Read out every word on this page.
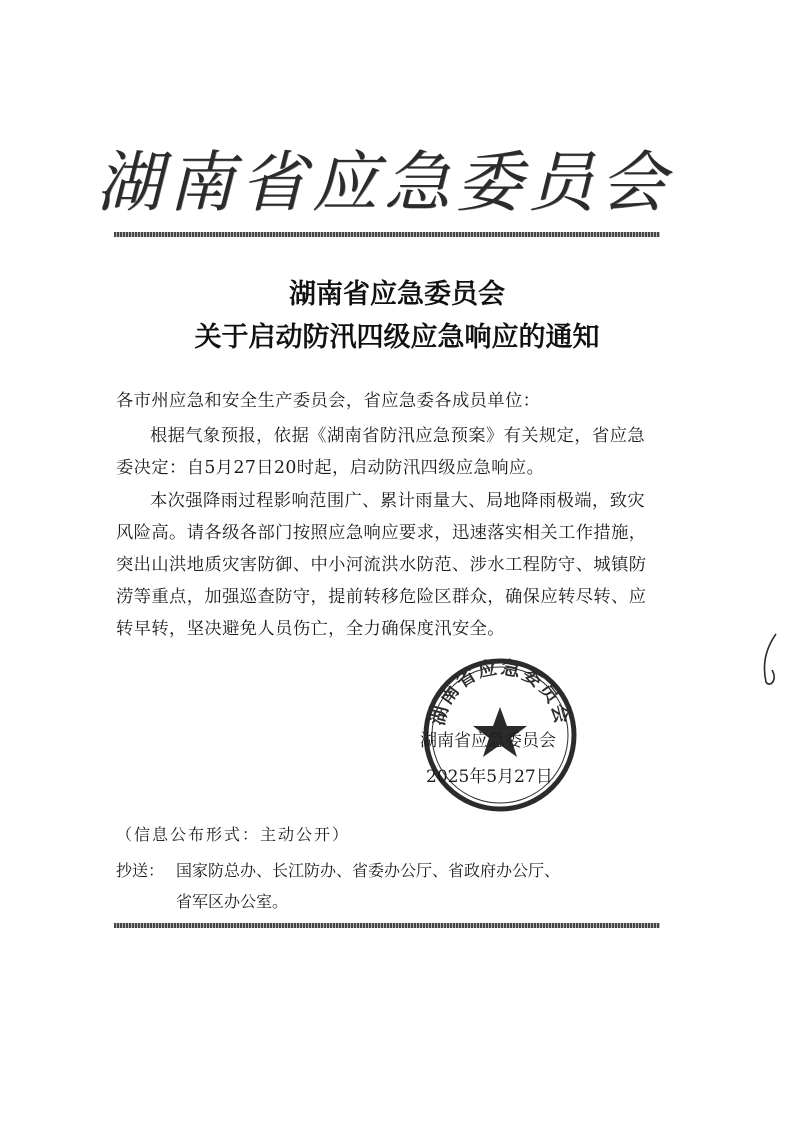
湖南省应急委员会
湖南省应急委员会
关于启动防汛四级应急响应的通知
各市州应急和安全生产委员会，省应急委各成员单位：
根据气象预报，依据《湖南省防汛应急预案》有关规定，省应急委决定：自5月27日20时起，启动防汛四级应急响应。
本次强降雨过程影响范围广、累计雨量大、局地降雨极端，致灾风险高。请各级各部门按照应急响应要求，迅速落实相关工作措施，突出山洪地质灾害防御、中小河流洪水防范、涉水工程防守、城镇防涝等重点，加强巡查防守，提前转移危险区群众，确保应转尽转、应转早转，坚决避免人员伤亡，全力确保度汛安全。
湖南省应急委员会
湖南省应急委员会
2025年5月27日
（信息公布形式：主动公开）
抄送： 国家防总办、长江防办、省委办公厅、省政府办公厅、
省军区办公室。
